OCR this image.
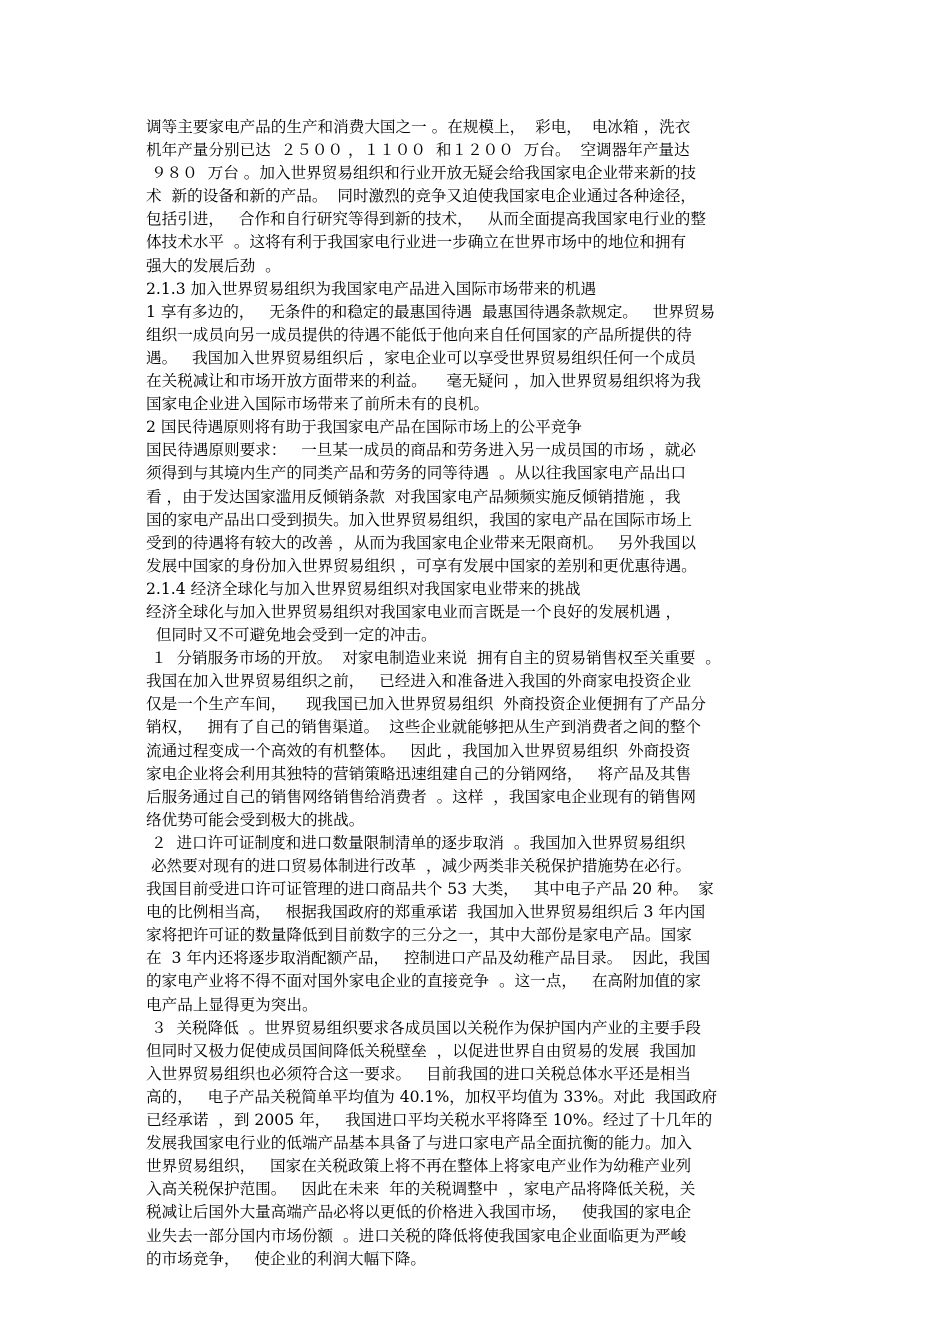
调等主要家电产品的生产和消费大国之一 。在规模上，  彩电，  电冰箱 ，洗衣
机年产量分别已达  ２５００ ，１１００  和１２００  万台。  空调器年产量达
９８０  万台 。加入世界贸易组织和行业开放无疑会给我国家电企业带来新的技
术  新的设备和新的产品。  同时激烈的竞争又迫使我国家电企业通过各种途径，
包括引进，   合作和自行研究等得到新的技术，   从而全面提高我国家电行业的整
体技术水平  。这将有利于我国家电行业进一步确立在世界市场中的地位和拥有
强大的发展后劲  。
2.1.3 加入世界贸易组织为我国家电产品进入国际市场带来的机遇
1 享有多边的，   无条件的和稳定的最惠国待遇  最惠国待遇条款规定。   世界贸易
组织一成员向另一成员提供的待遇不能低于他向来自任何国家的产品所提供的待
遇。   我国加入世界贸易组织后 ，家电企业可以享受世界贸易组织任何一个成员
在关税减让和市场开放方面带来的利益。    毫无疑问 ，加入世界贸易组织将为我
国家电企业进入国际市场带来了前所未有的良机。
2 国民待遇原则将有助于我国家电产品在国际市场上的公平竞争
国民待遇原则要求：   一旦某一成员的商品和劳务进入另一成员国的市场 ，就必
须得到与其境内生产的同类产品和劳务的同等待遇  。从以往我国家电产品出口
看 ，由于发达国家滥用反倾销条款  对我国家电产品频频实施反倾销措施 ，我
国的家电产品出口受到损失。加入世界贸易组织，我国的家电产品在国际市场上
受到的待遇将有较大的改善 ，从而为我国家电企业带来无限商机。   另外我国以
发展中国家的身份加入世界贸易组织 ，可享有发展中国家的差别和更优惠待遇。
2.1.4 经济全球化与加入世界贸易组织对我国家电业带来的挑战
经济全球化与加入世界贸易组织对我国家电业而言既是一个良好的发展机遇 ，
但同时又不可避免地会受到一定的冲击。
１  分销服务市场的开放。  对家电制造业来说  拥有自主的贸易销售权至关重要  。
我国在加入世界贸易组织之前，   已经进入和准备进入我国的外商家电投资企业
仅是一个生产车间，    现我国已加入世界贸易组织  外商投资企业便拥有了产品分
销权，   拥有了自己的销售渠道。  这些企业就能够把从生产到消费者之间的整个
流通过程变成一个高效的有机整体。   因此 ，我国加入世界贸易组织  外商投资
家电企业将会利用其独特的营销策略迅速组建自己的分销网络，   将产品及其售
后服务通过自己的销售网络销售给消费者  。这样  ，我国家电企业现有的销售网
络优势可能会受到极大的挑战。
２  进口许可证制度和进口数量限制清单的逐步取消  。我国加入世界贸易组织
必然要对现有的进口贸易体制进行改革  ，减少两类非关税保护措施势在必行。
我国目前受进口许可证管理的进口商品共个 53 大类，   其中电子产品 20 种。  家
电的比例相当高，   根据我国政府的郑重承诺  我国加入世界贸易组织后 3 年内国
家将把许可证的数量降低到目前数字的三分之一，其中大部份是家电产品。国家
在  3 年内还将逐步取消配额产品，   控制进口产品及幼稚产品目录。  因此，我国
的家电产业将不得不面对国外家电企业的直接竞争  。这一点，   在高附加值的家
电产品上显得更为突出。
３  关税降低  。世界贸易组织要求各成员国以关税作为保护国内产业的主要手段
但同时又极力促使成员国间降低关税壁垒  ，以促进世界自由贸易的发展  我国加
入世界贸易组织也必须符合这一要求。   目前我国的进口关税总体水平还是相当
高的，   电子产品关税简单平均值为 40.1%，加权平均值为 33%。对此  我国政府
已经承诺  ，到 2005 年，   我国进口平均关税水平将降至 10%。经过了十几年的
发展我国家电行业的低端产品基本具备了与进口家电产品全面抗衡的能力。加入
世界贸易组织，   国家在关税政策上将不再在整体上将家电产业作为幼稚产业列
入高关税保护范围。   因此在未来  年的关税调整中  ，家电产品将降低关税，关
税减让后国外大量高端产品必将以更低的价格进入我国市场，   使我国的家电企
业失去一部分国内市场份额  。进口关税的降低将使我国家电企业面临更为严峻
的市场竞争，   使企业的利润大幅下降。
